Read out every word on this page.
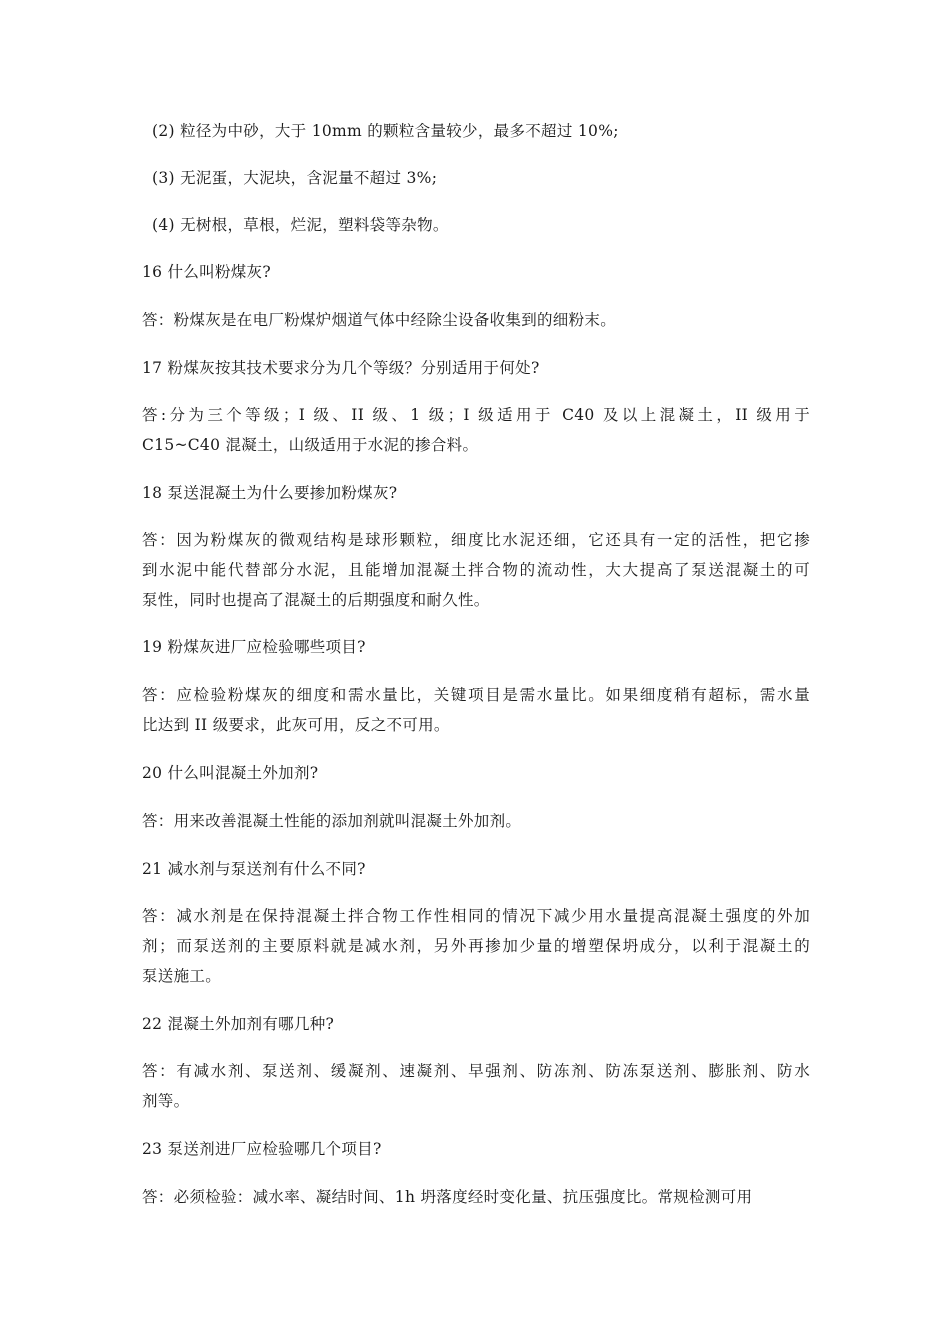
(2) 粒径为中砂，大于 10mm 的颗粒含量较少，最多不超过 10%;

(3) 无泥蛋，大泥块，含泥量不超过 3%;

(4) 无树根，草根，烂泥，塑料袋等杂物。

16 什么叫粉煤灰?

答：粉煤灰是在电厂粉煤炉烟道气体中经除尘设备收集到的细粉末。

17 粉煤灰按其技术要求分为几个等级？分别适用于何处?

答:分为三个等级；I 级、II 级、1 级；I 级适用于 C40 及以上混凝土，II 级用于
C15~C40 混凝土，山级适用于水泥的掺合料。

18 泵送混凝土为什么要掺加粉煤灰?

答：因为粉煤灰的微观结构是球形颗粒，细度比水泥还细，它还具有一定的活性，把它掺
到水泥中能代替部分水泥，且能增加混凝土拌合物的流动性，大大提高了泵送混凝土的可
泵性，同时也提高了混凝土的后期强度和耐久性。

19 粉煤灰进厂应检验哪些项目?

答：应检验粉煤灰的细度和需水量比，关键项目是需水量比。如果细度稍有超标，需水量
比达到 II 级要求，此灰可用，反之不可用。

20 什么叫混凝土外加剂?

答：用来改善混凝土性能的添加剂就叫混凝土外加剂。

21 减水剂与泵送剂有什么不同?

答：减水剂是在保持混凝土拌合物工作性相同的情况下减少用水量提高混凝土强度的外加
剂；而泵送剂的主要原料就是减水剂，另外再掺加少量的增塑保坍成分，以利于混凝土的
泵送施工。

22 混凝土外加剂有哪几种?

答：有减水剂、泵送剂、缓凝剂、速凝剂、早强剂、防冻剂、防冻泵送剂、膨胀剂、防水
剂等。

23 泵送剂进厂应检验哪几个项目?

答：必须检验：减水率、凝结时间、1h 坍落度经时变化量、抗压强度比。常规检测可用
